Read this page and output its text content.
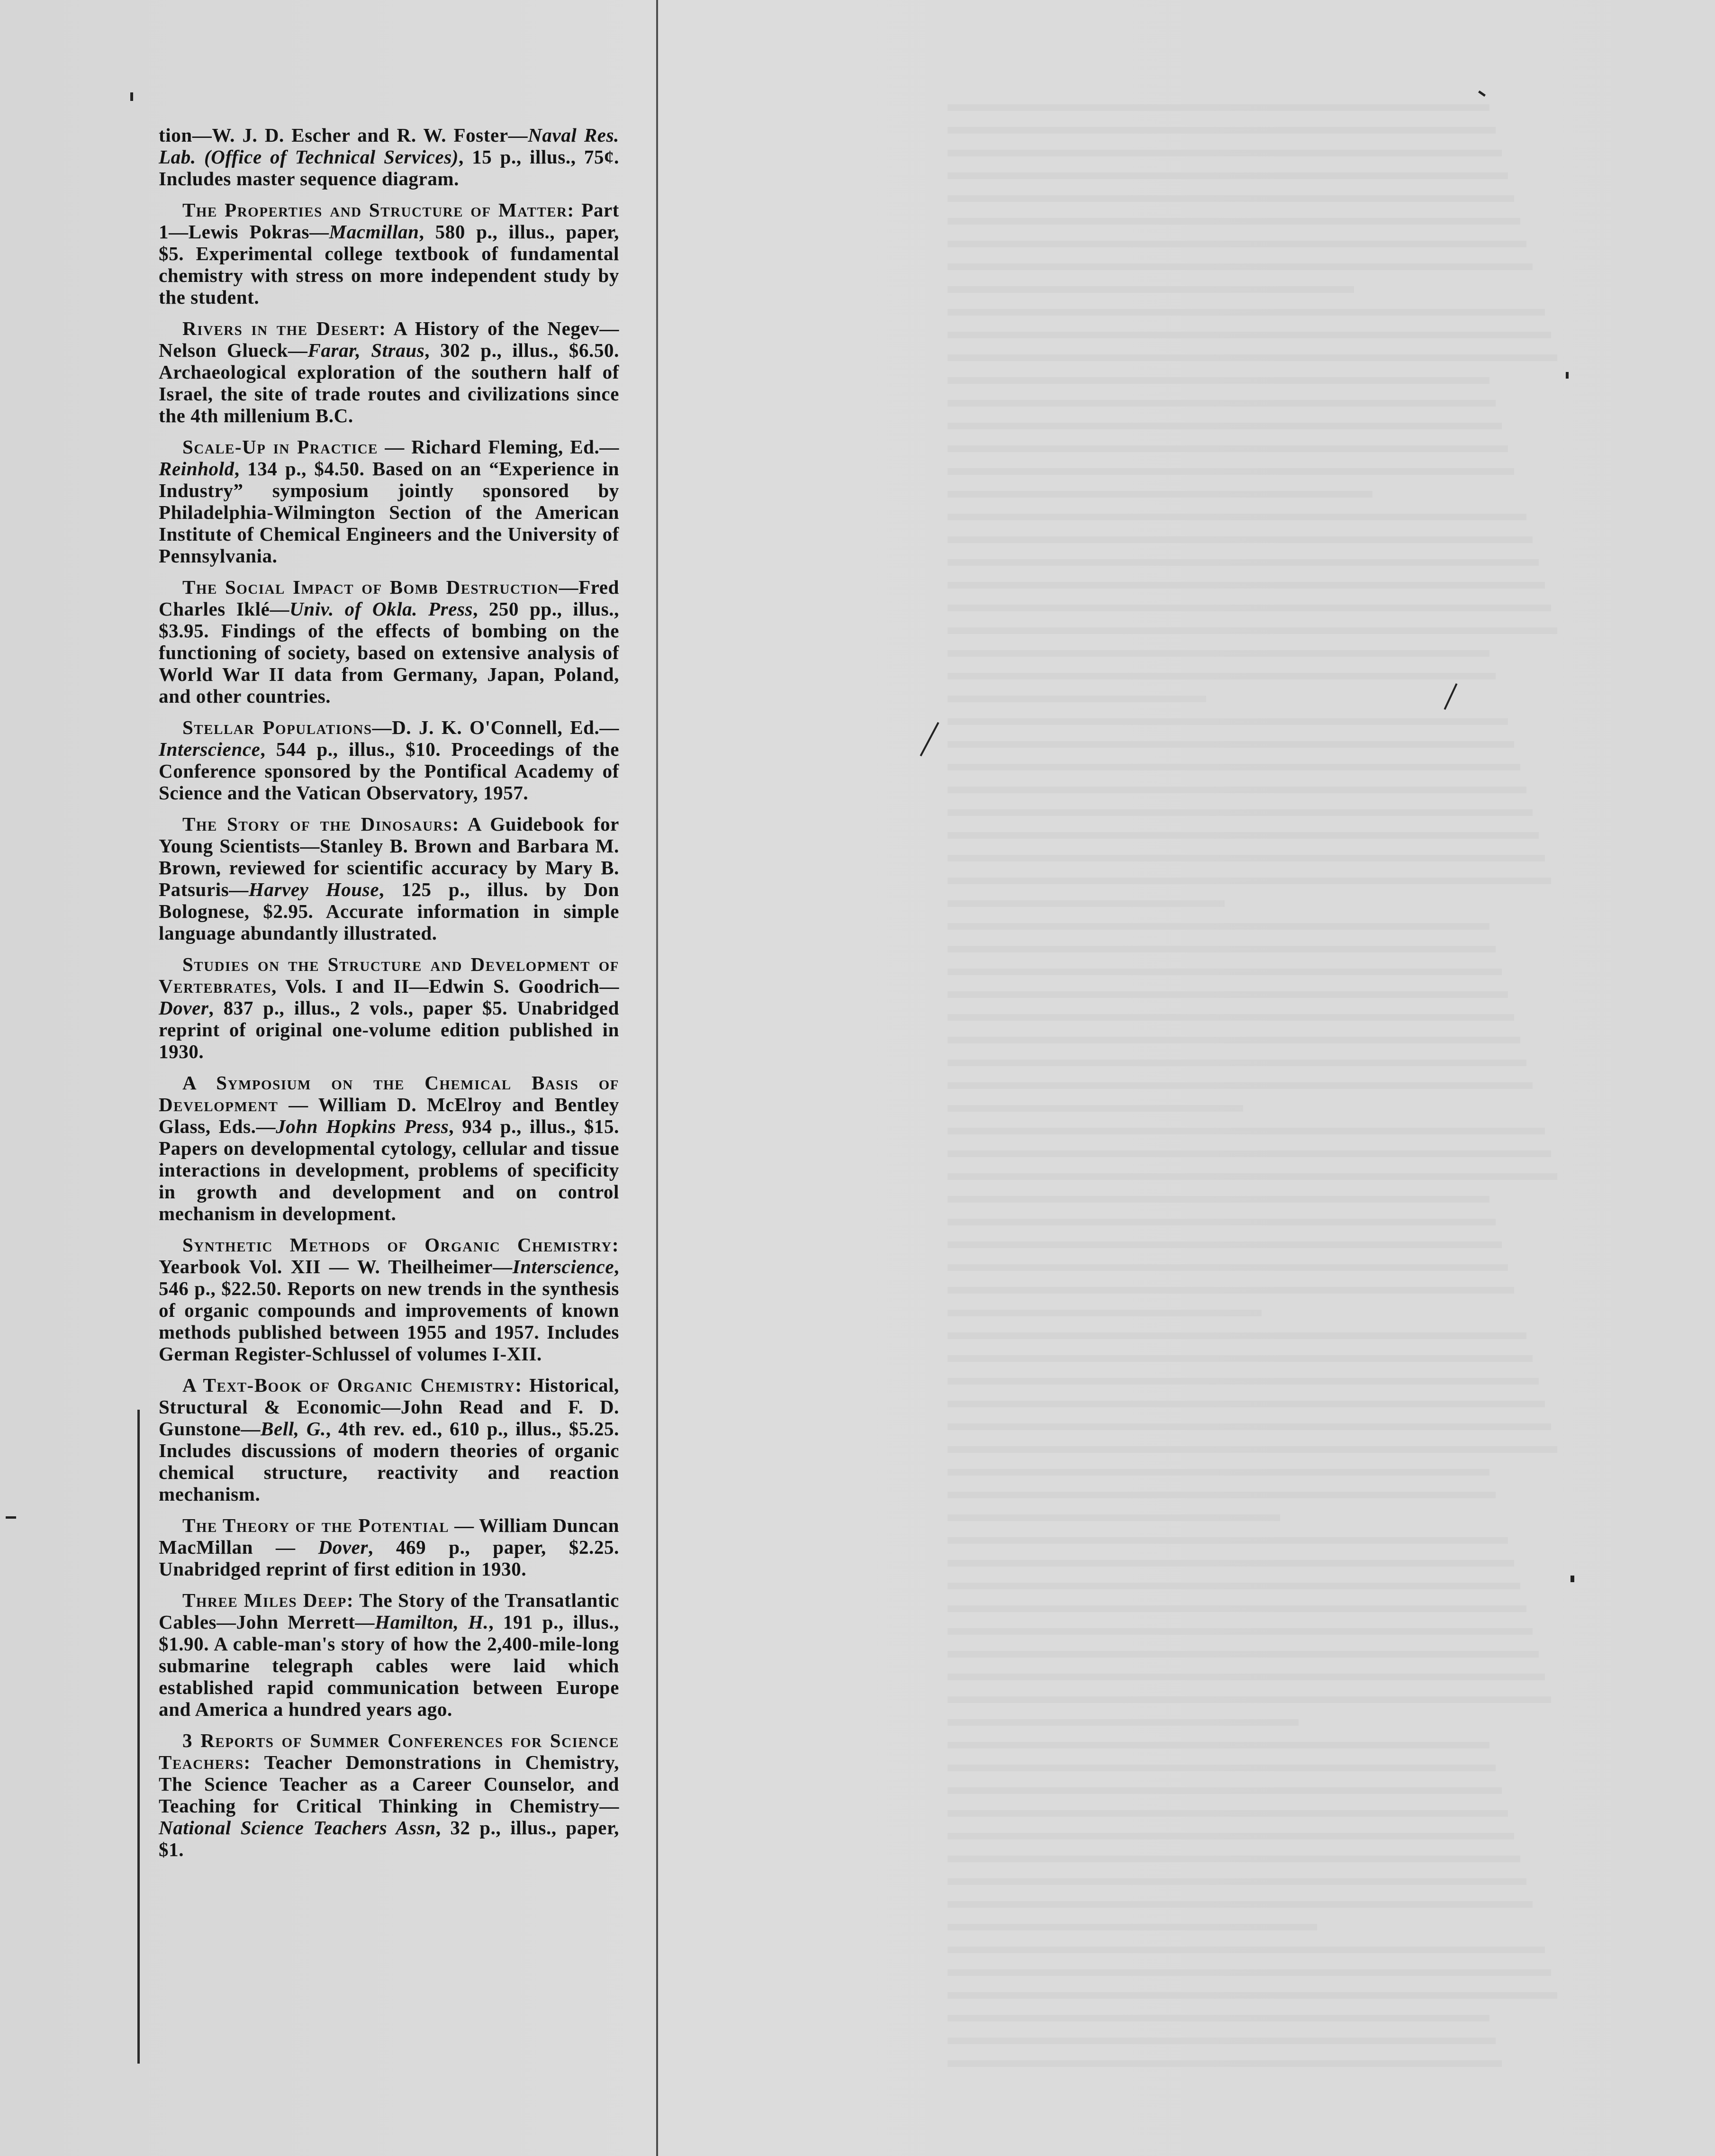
tion—W. J. D. Escher and R. W. Foster—Naval Res. Lab. (Office of Technical Services), 15 p., illus., 75¢. Includes master sequence diagram.

The Properties and Structure of Matter: Part 1—Lewis Pokras—Macmillan, 580 p., illus., paper, $5. Experimental college textbook of fundamental chemistry with stress on more independent study by the student.

Rivers in the Desert: A History of the Negev—Nelson Glueck—Farar, Straus, 302 p., illus., $6.50. Archaeological exploration of the southern half of Israel, the site of trade routes and civilizations since the 4th millenium B.C.

Scale-Up in Practice — Richard Fleming, Ed.—Reinhold, 134 p., $4.50. Based on an “Experience in Industry” symposium jointly sponsored by Philadelphia-Wilmington Section of the American Institute of Chemical Engineers and the University of Pennsylvania.

The Social Impact of Bomb Destruction—Fred Charles Iklé—Univ. of Okla. Press, 250 pp., illus., $3.95. Findings of the effects of bombing on the functioning of society, based on extensive analysis of World War II data from Germany, Japan, Poland, and other countries.

Stellar Populations—D. J. K. O'Connell, Ed.—Interscience, 544 p., illus., $10. Proceedings of the Conference sponsored by the Pontifical Academy of Science and the Vatican Observatory, 1957.

The Story of the Dinosaurs: A Guidebook for Young Scientists—Stanley B. Brown and Barbara M. Brown, reviewed for scientific accuracy by Mary B. Patsuris—Harvey House, 125 p., illus. by Don Bolognese, $2.95. Accurate information in simple language abundantly illustrated.

Studies on the Structure and Development of Vertebrates, Vols. I and II—Edwin S. Goodrich—Dover, 837 p., illus., 2 vols., paper $5. Unabridged reprint of original one-volume edition published in 1930.

A Symposium on the Chemical Basis of Development — William D. McElroy and Bentley Glass, Eds.—John Hopkins Press, 934 p., illus., $15. Papers on developmental cytology, cellular and tissue interactions in development, problems of specificity in growth and development and on control mechanism in development.

Synthetic Methods of Organic Chemistry: Yearbook Vol. XII — W. Theilheimer—Interscience, 546 p., $22.50. Reports on new trends in the synthesis of organic compounds and improvements of known methods published between 1955 and 1957. Includes German Register-Schlussel of volumes I-XII.

A Text-Book of Organic Chemistry: Historical, Structural & Economic—John Read and F. D. Gunstone—Bell, G., 4th rev. ed., 610 p., illus., $5.25. Includes discussions of modern theories of organic chemical structure, reactivity and reaction mechanism.

The Theory of the Potential — William Duncan MacMillan — Dover, 469 p., paper, $2.25. Unabridged reprint of first edition in 1930.

Three Miles Deep: The Story of the Transatlantic Cables—John Merrett—Hamilton, H., 191 p., illus., $1.90. A cable-man's story of how the 2,400-mile-long submarine telegraph cables were laid which established rapid communication between Europe and America a hundred years ago.

3 Reports of Summer Conferences for Science Teachers: Teacher Demonstrations in Chemistry, The Science Teacher as a Career Counselor, and Teaching for Critical Thinking in Chemistry—National Science Teachers Assn, 32 p., illus., paper, $1.
